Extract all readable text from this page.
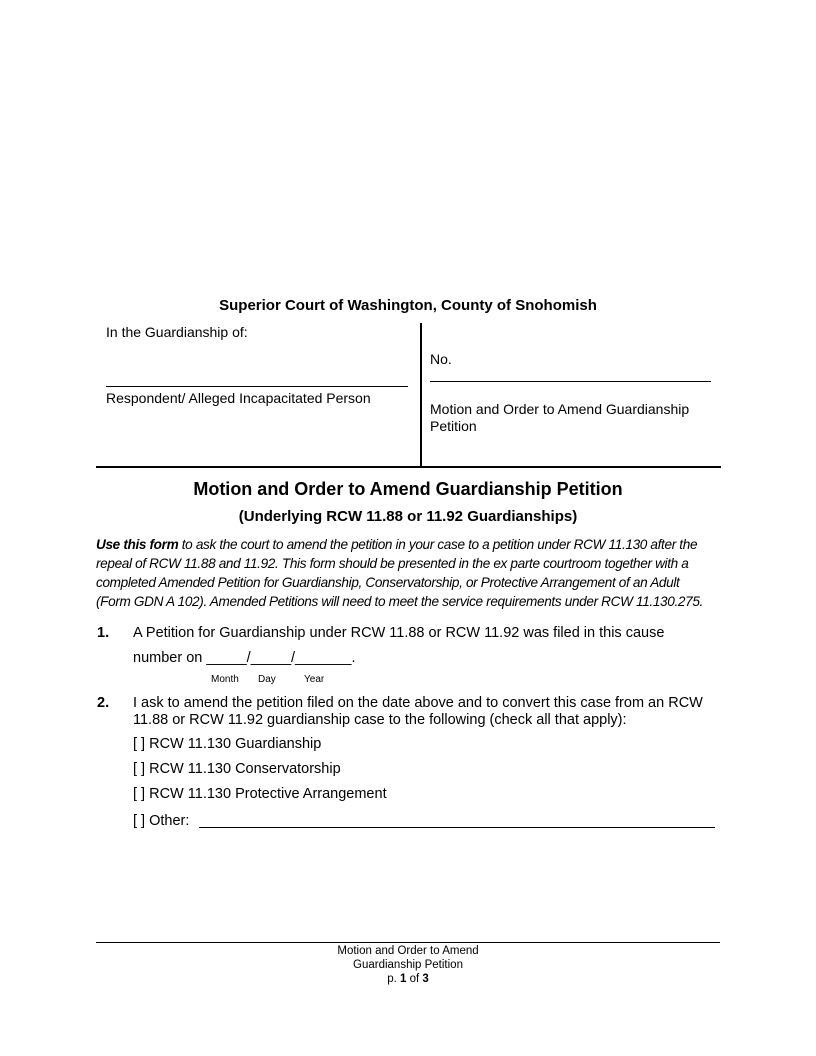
Superior Court of Washington, County of Snohomish
In the Guardianship of:
Respondent/ Alleged Incapacitated Person
No.
Motion and Order to Amend Guardianship
Petition
Motion and Order to Amend Guardianship Petition
(Underlying RCW 11.88 or 11.92 Guardianships)
Use this form to ask the court to amend the petition in your case to a petition under RCW 11.130 after the
repeal of RCW 11.88 and 11.92. This form should be presented in the ex parte courtroom together with a
completed Amended Petition for Guardianship, Conservatorship, or Protective Arrangement of an Adult
(Form GDN A 102). Amended Petitions will need to meet the service requirements under RCW 11.130.275.
1. A Petition for Guardianship under RCW 11.88 or RCW 11.92 was filed in this cause
number on _____/_____/_______.
Month Day	Year
2. I ask to amend the petition filed on the date above and to convert this case from an RCW
11.88 or RCW 11.92 guardianship case to the following (check all that apply):
[ ] RCW 11.130 Guardianship
[ ] RCW 11.130 Conservatorship
[ ] RCW 11.130 Protective Arrangement
[ ] Other:
Motion and Order to Amend
Guardianship Petition
p. 1 of 3
